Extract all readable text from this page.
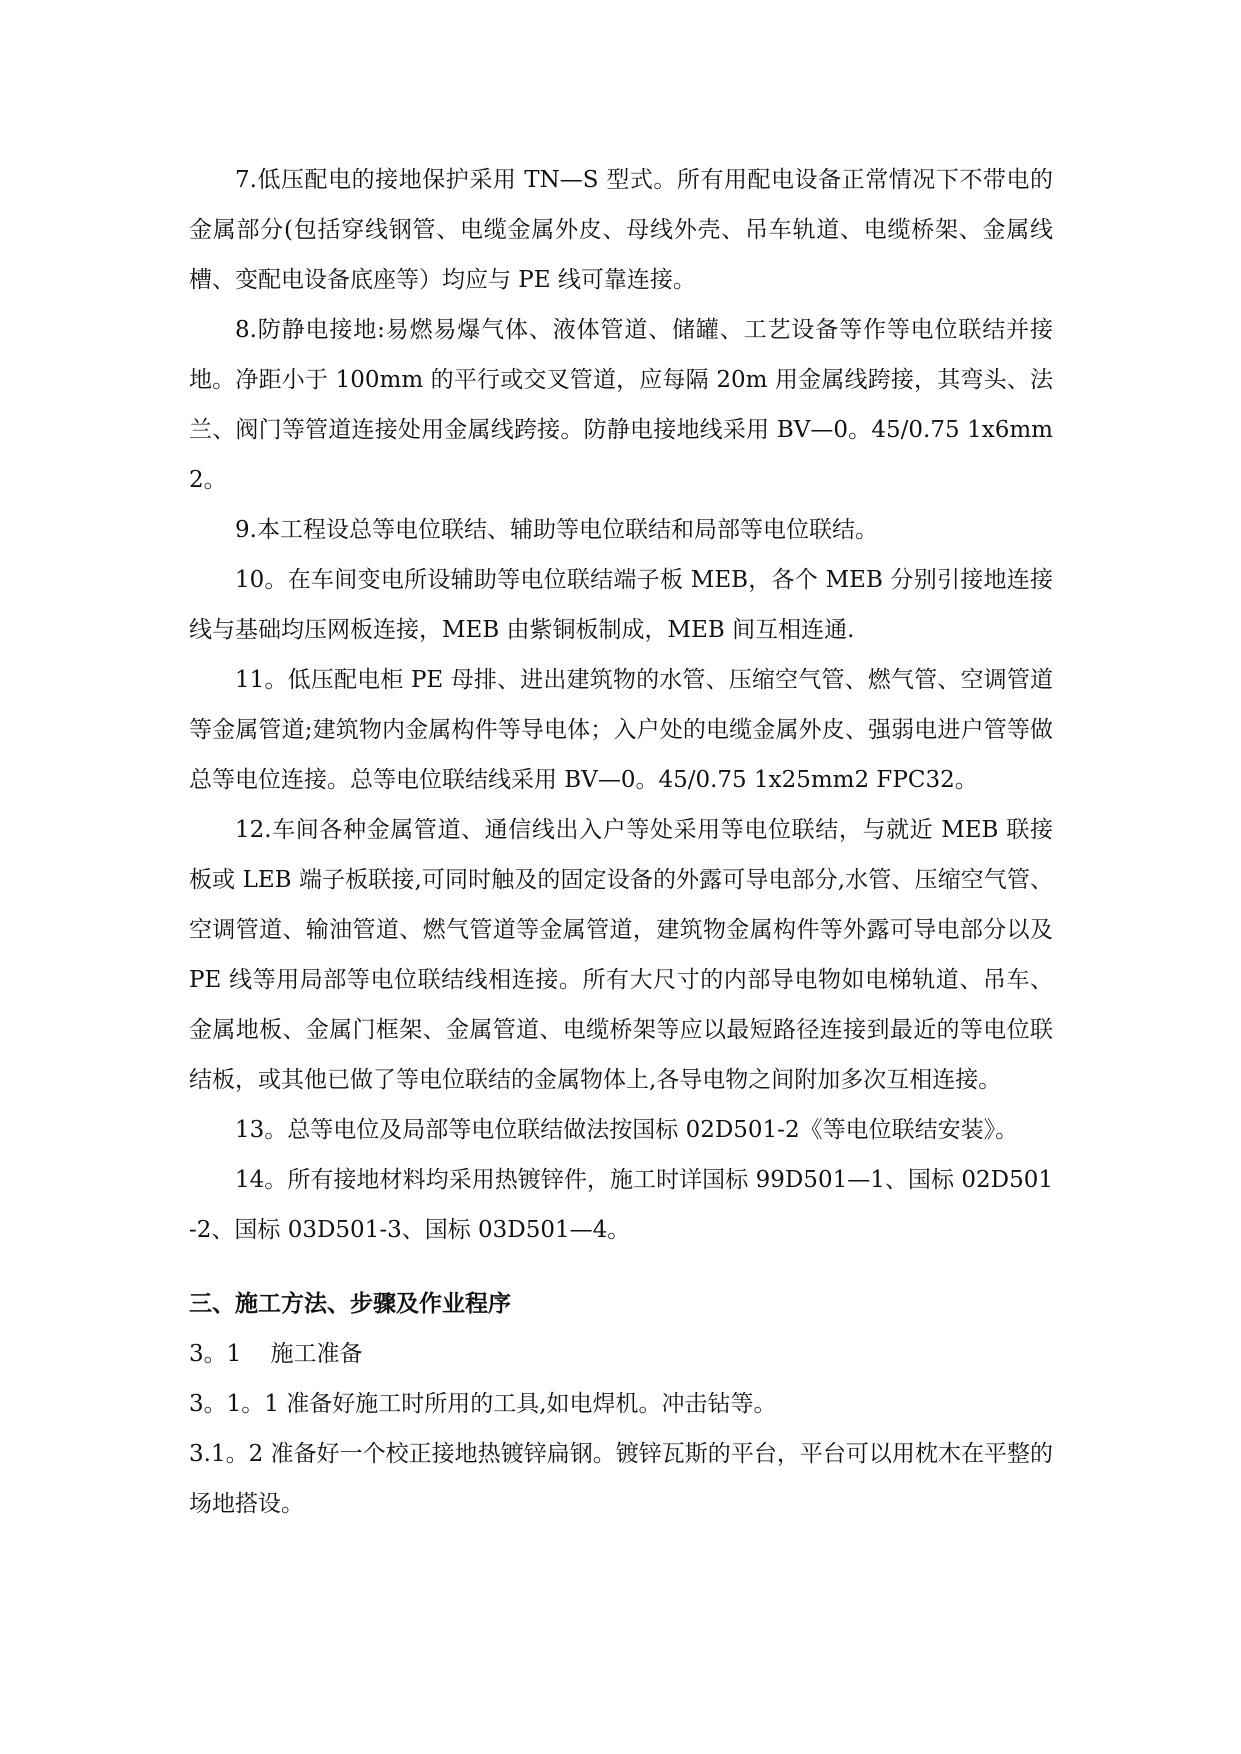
7.低压配电的接地保护采用 TN—S 型式。所有用配电设备正常情况下不带电的金属部分(包括穿线钢管、电缆金属外皮、母线外壳、吊车轨道、电缆桥架、金属线槽、变配电设备底座等）均应与 PE 线可靠连接。

8.防静电接地:易燃易爆气体、液体管道、储罐、工艺设备等作等电位联结并接地。净距小于 100mm 的平行或交叉管道，应每隔 20m 用金属线跨接，其弯头、法兰、阀门等管道连接处用金属线跨接。防静电接地线采用 BV—0。45/0.75 1x6mm2。

9.本工程设总等电位联结、辅助等电位联结和局部等电位联结。

10。在车间变电所设辅助等电位联结端子板 MEB，各个 MEB 分别引接地连接线与基础均压网板连接，MEB 由紫铜板制成，MEB 间互相连通.

11。低压配电柜 PE 母排、进出建筑物的水管、压缩空气管、燃气管、空调管道等金属管道;建筑物内金属构件等导电体；入户处的电缆金属外皮、强弱电进户管等做总等电位连接。总等电位联结线采用 BV—0。45/0.75 1x25mm2 FPC32。

12.车间各种金属管道、通信线出入户等处采用等电位联结，与就近 MEB 联接板或 LEB 端子板联接,可同时触及的固定设备的外露可导电部分,水管、压缩空气管、空调管道、输油管道、燃气管道等金属管道，建筑物金属构件等外露可导电部分以及 PE 线等用局部等电位联结线相连接。所有大尺寸的内部导电物如电梯轨道、吊车、金属地板、金属门框架、金属管道、电缆桥架等应以最短路径连接到最近的等电位联结板，或其他已做了等电位联结的金属物体上,各导电物之间附加多次互相连接。

13。总等电位及局部等电位联结做法按国标 02D501-2《等电位联结安装》。

14。所有接地材料均采用热镀锌件，施工时详国标 99D501—1、国标 02D501-2、国标 03D501-3、国标 03D501—4。

三、施工方法、步骤及作业程序

3。1    施工准备

3。1。1 准备好施工时所用的工具,如电焊机。冲击钻等。

3.1。2 准备好一个校正接地热镀锌扁钢。镀锌瓦斯的平台，平台可以用枕木在平整的场地搭设。
